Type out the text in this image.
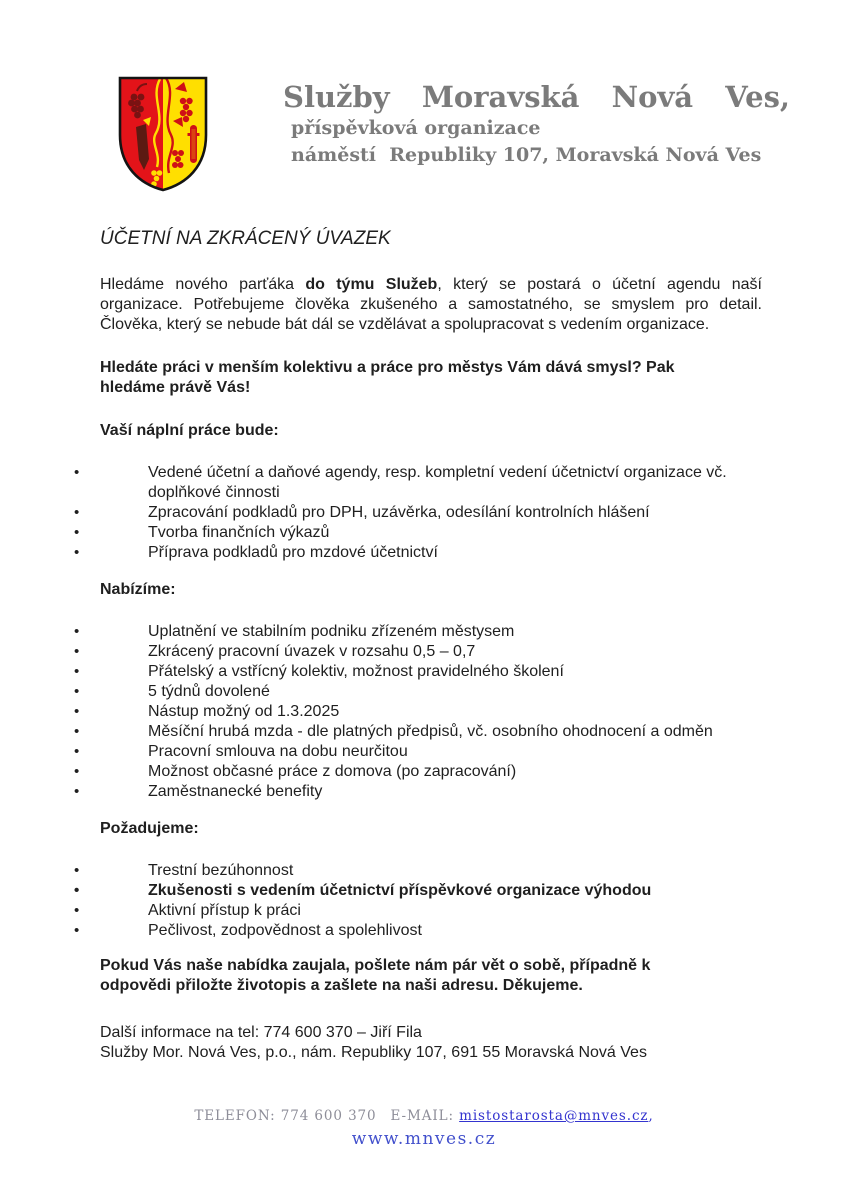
Služby  Moravská  Nová  Ves,
příspěvková organizace
náměstí  Republiky 107, Moravská Nová Ves
ÚČETNÍ NA ZKRÁCENÝ ÚVAZEK

Hledáme nového parťáka do týmu Služeb, který se postará o účetní agendu naší organizace. Potřebujeme člověka zkušeného a samostatného, se smyslem pro detail. Člověka, který se nebude bát dál se vzdělávat a spolupracovat s vedením organizace.

Hledáte práci v menším kolektivu a práce pro městys Vám dává smysl? Pak hledáme právě Vás!

Vaší náplní práce bude:
• Vedené účetní a daňové agendy, resp. kompletní vedení účetnictví organizace vč. doplňkové činnosti
• Zpracování podkladů pro DPH, uzávěrka, odesílání kontrolních hlášení
• Tvorba finančních výkazů
• Příprava podkladů pro mzdové účetnictví
Nabízíme:
• Uplatnění ve stabilním podniku zřízeném městysem
• Zkrácený pracovní úvazek v rozsahu 0,5 – 0,7
• Přátelský a vstřícný kolektiv, možnost pravidelného školení
• 5 týdnů dovolené
• Nástup možný od 1.3.2025
• Měsíční hrubá mzda - dle platných předpisů, vč. osobního ohodnocení a odměn
• Pracovní smlouva na dobu neurčitou
• Možnost občasné práce z domova (po zapracování)
• Zaměstnanecké benefity
Požadujeme:
• Trestní bezúhonnost
• Zkušenosti s vedením účetnictví příspěvkové organizace výhodou
• Aktivní přístup k práci
• Pečlivost, zodpovědnost a spolehlivost

Pokud Vás naše nabídka zaujala, pošlete nám pár vět o sobě, případně k odpovědi přiložte životopis a zašlete na naši adresu. Děkujeme.

Další informace na tel: 774 600 370 – Jiří Fila

Služby Mor. Nová Ves, p.o., nám. Republiky 107, 691 55 Moravská Nová Ves

TELEFON: 774 600 370 E-MAIL: mistostarosta@mnves.cz,
www.mnves.cz
